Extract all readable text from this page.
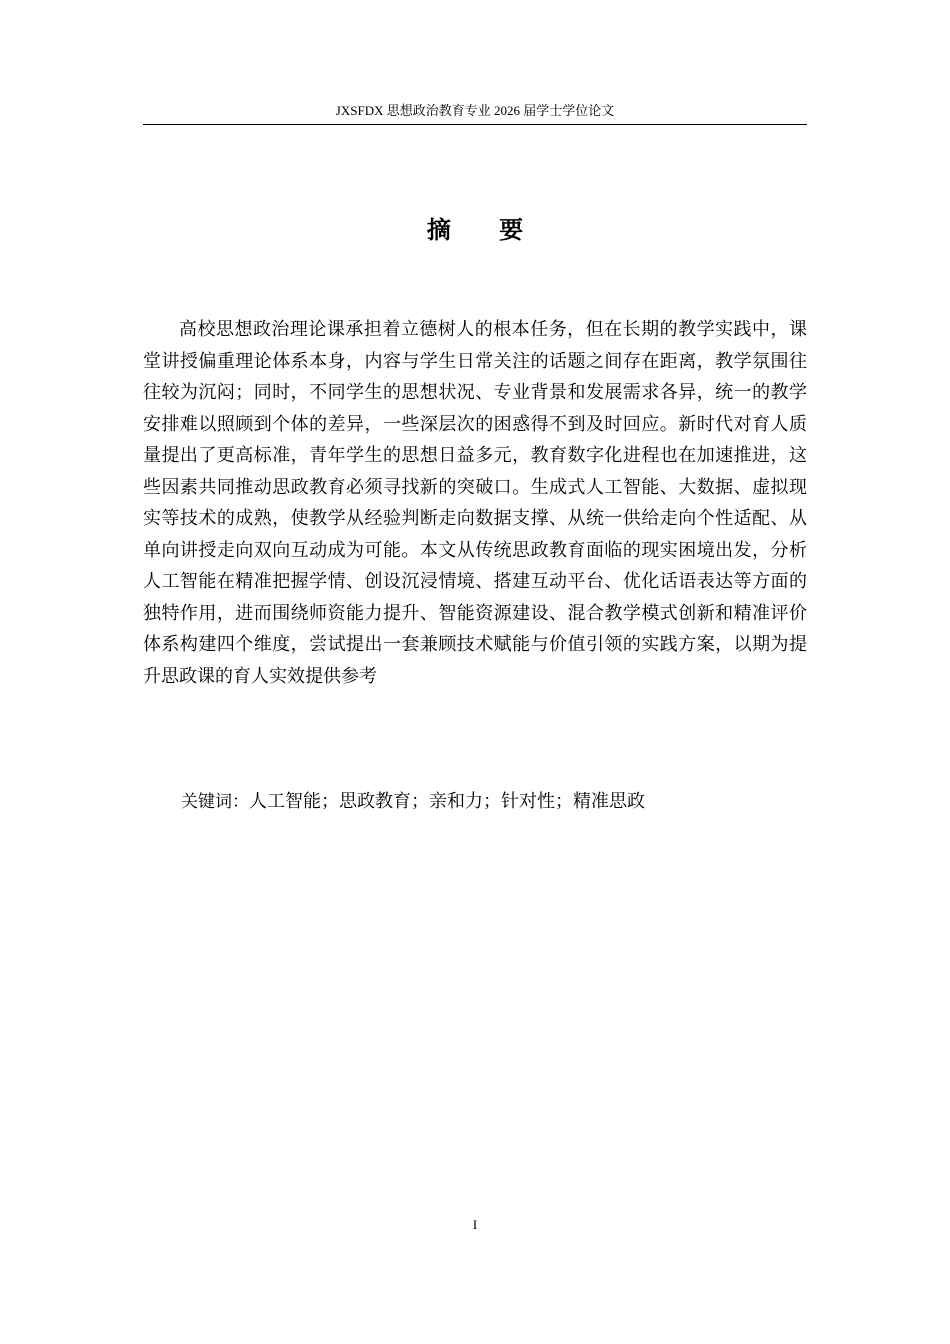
JXSFDX 思想政治教育专业 2026 届学士学位论文
摘 要

高校思想政治理论课承担着立德树人的根本任务，但在长期的教学实践中，课堂讲授偏重理论体系本身，内容与学生日常关注的话题之间存在距离，教学氛围往往较为沉闷；同时，不同学生的思想状况、专业背景和发展需求各异，统一的教学安排难以照顾到个体的差异，一些深层次的困惑得不到及时回应。新时代对育人质量提出了更高标准，青年学生的思想日益多元，教育数字化进程也在加速推进，这些因素共同推动思政教育必须寻找新的突破口。生成式人工智能、大数据、虚拟现实等技术的成熟，使教学从经验判断走向数据支撑、从统一供给走向个性适配、从单向讲授走向双向互动成为可能。本文从传统思政教育面临的现实困境出发，分析人工智能在精准把握学情、创设沉浸情境、搭建互动平台、优化话语表达等方面的独特作用，进而围绕师资能力提升、智能资源建设、混合教学模式创新和精准评价体系构建四个维度，尝试提出一套兼顾技术赋能与价值引领的实践方案，以期为提升思政课的育人实效提供参考

关键词：人工智能；思政教育；亲和力；针对性；精准思政

I
